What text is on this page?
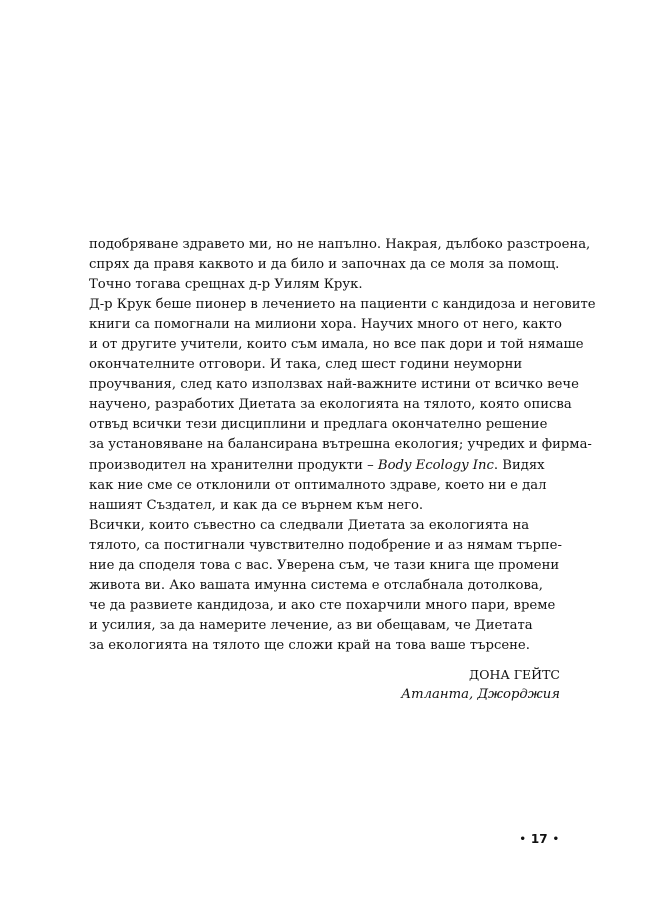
подобряване здравето ми, но не напълно. Накрая, дълбоко разстроена,
спрях да правя каквото и да било и започнах да се моля за помощ.
Точно тогава срещнах д-р Уилям Крук.
Д-р Крук беше пионер в лечението на пациенти с кандидоза и неговите
книги са помогнали на милиони хора. Научих много от него, както
и от другите учители, които съм имала, но все пак дори и той нямаше
окончателните отговори. И така, след шест години неуморни
проучвания, след като използвах най-важните истини от всичко вече
научено, разработих Диетата за екологията на тялото, която описва
отвъд всички тези дисциплини и предлага окончателно решение
за установяване на балансирана вътрешна екология; учредих и фирма-
производител на хранителни продукти – Body Ecology Inc. Видях
как ние сме се отклонили от оптималното здраве, което ни е дал
нашият Създател, и как да се върнем към него.
Всички, които съвестно са следвали Диетата за екологията на
тялото, са постигнали чувствително подобрение и аз нямам търпе-
ние да споделя това с вас. Уверена съм, че тази книга ще промени
живота ви. Ако вашата имунна система е отслабнала дотолкова,
че да развиете кандидоза, и ако сте похарчили много пари, време
и усилия, за да намерите лечение, аз ви обещавам, че Диетата
за екологията на тялото ще сложи край на това ваше търсене.
ДОНА ГЕЙТС
Атланта, Джорджия
• 17 •
